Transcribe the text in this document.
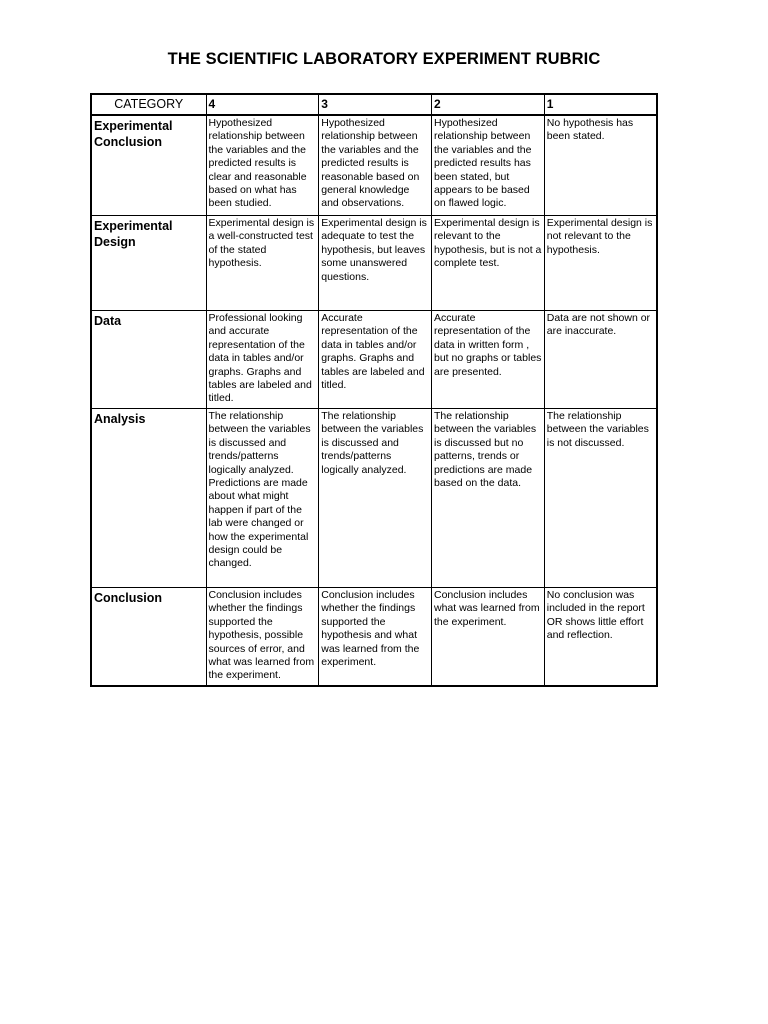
THE SCIENTIFIC LABORATORY EXPERIMENT RUBRIC
CATEGORY	4	3	2	1
Experimental Conclusion	Hypothesized relationship between the variables and the predicted results is clear and reasonable based on what has been studied.	Hypothesized relationship between the variables and the predicted results is reasonable based on general knowledge and observations.	Hypothesized relationship between the variables and the predicted results has been stated, but appears to be based on flawed logic.	No hypothesis has been stated.
Experimental Design	Experimental design is a well-constructed test of the stated hypothesis.	Experimental design is adequate to test the hypothesis, but leaves some unanswered questions.	Experimental design is relevant to the hypothesis, but is not a complete test.	Experimental design is not relevant to the hypothesis.
Data	Professional looking and accurate representation of the data in tables and/or graphs. Graphs and tables are labeled and titled.	Accurate representation of the data in tables and/or graphs. Graphs and tables are labeled and titled.	Accurate representation of the data in written form , but no graphs or tables are presented.	Data are not shown or are inaccurate.
Analysis	The relationship between the variables is discussed and trends/patterns logically analyzed. Predictions are made about what might happen if part of the lab were changed or how the experimental design could be changed.	The relationship between the variables is discussed and trends/patterns logically analyzed.	The relationship between the variables is discussed but no patterns, trends or predictions are made based on the data.	The relationship between the variables is not discussed.
Conclusion	Conclusion includes whether the findings supported the hypothesis, possible sources of error, and what was learned from the experiment.	Conclusion includes whether the findings supported the hypothesis and what was learned from the experiment.	Conclusion includes what was learned from the experiment.	No conclusion was included in the report OR shows little effort and reflection.
